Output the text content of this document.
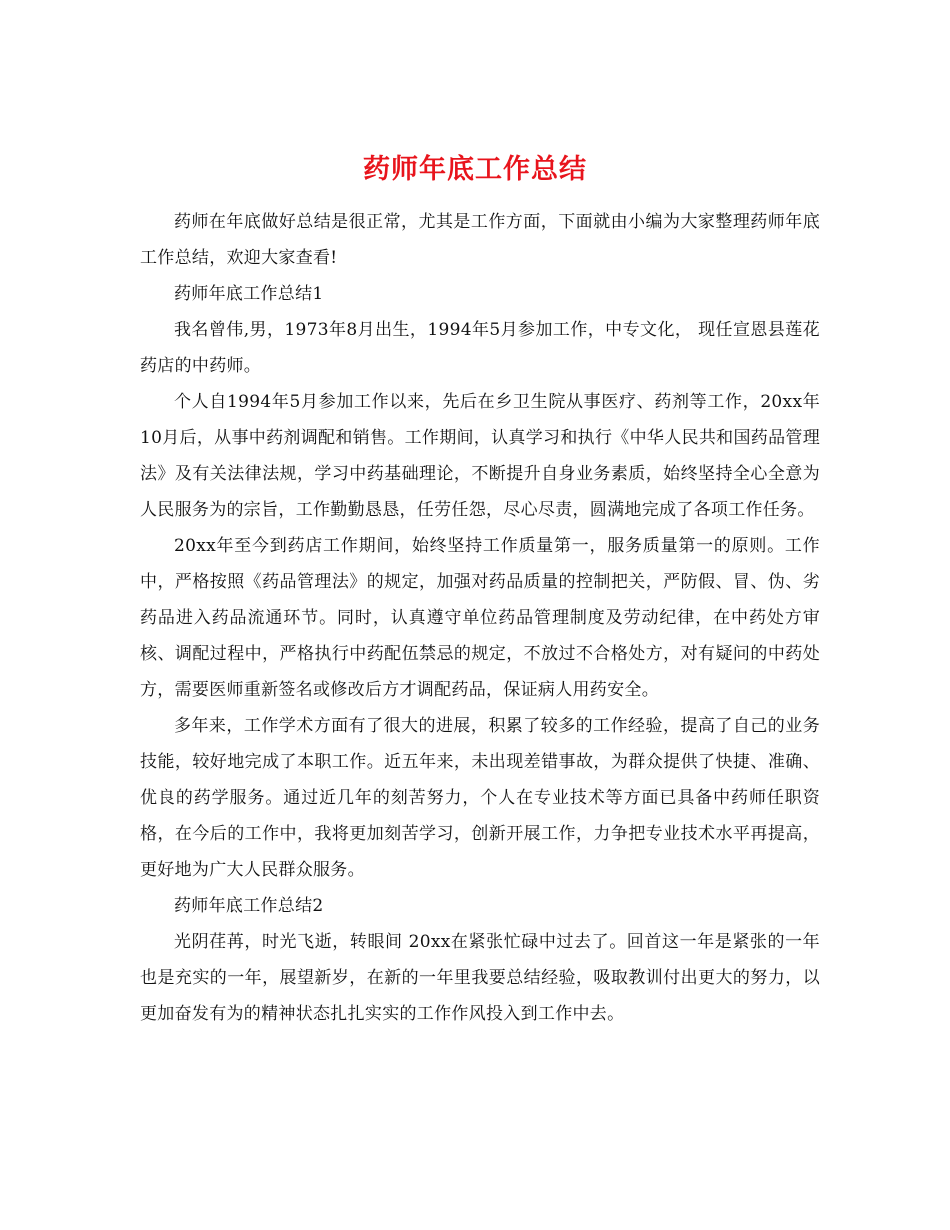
药师年底工作总结

药师在年底做好总结是很正常，尤其是工作方面，下面就由小编为大家整理药师年底工作总结，欢迎大家查看!

药师年底工作总结1

我名曾伟,男，1973年8月出生，1994年5月参加工作，中专文化， 现任宣恩县莲花药店的中药师。

个人自1994年5月参加工作以来，先后在乡卫生院从事医疗、药剂等工作，20xx年10月后，从事中药剂调配和销售。工作期间，认真学习和执行《中华人民共和国药品管理法》及有关法律法规，学习中药基础理论，不断提升自身业务素质，始终坚持全心全意为人民服务为的宗旨，工作勤勤恳恳，任劳任怨，尽心尽责，圆满地完成了各项工作任务。

20xx年至今到药店工作期间，始终坚持工作质量第一，服务质量第一的原则。工作中，严格按照《药品管理法》的规定，加强对药品质量的控制把关，严防假、冒、伪、劣药品进入药品流通环节。同时，认真遵守单位药品管理制度及劳动纪律，在中药处方审核、调配过程中，严格执行中药配伍禁忌的规定，不放过不合格处方，对有疑问的中药处方，需要医师重新签名或修改后方才调配药品，保证病人用药安全。

多年来，工作学术方面有了很大的进展，积累了较多的工作经验，提高了自己的业务技能，较好地完成了本职工作。近五年来，未出现差错事故，为群众提供了快捷、准确、优良的药学服务。通过近几年的刻苦努力，个人在专业技术等方面已具备中药师任职资格，在今后的工作中，我将更加刻苦学习，创新开展工作，力争把专业技术水平再提高，更好地为广大人民群众服务。

药师年底工作总结2

光阴荏苒，时光飞逝，转眼间 20xx在紧张忙碌中过去了。回首这一年是紧张的一年也是充实的一年，展望新岁，在新的一年里我要总结经验，吸取教训付出更大的努力，以更加奋发有为的精神状态扎扎实实的工作作风投入到工作中去。
